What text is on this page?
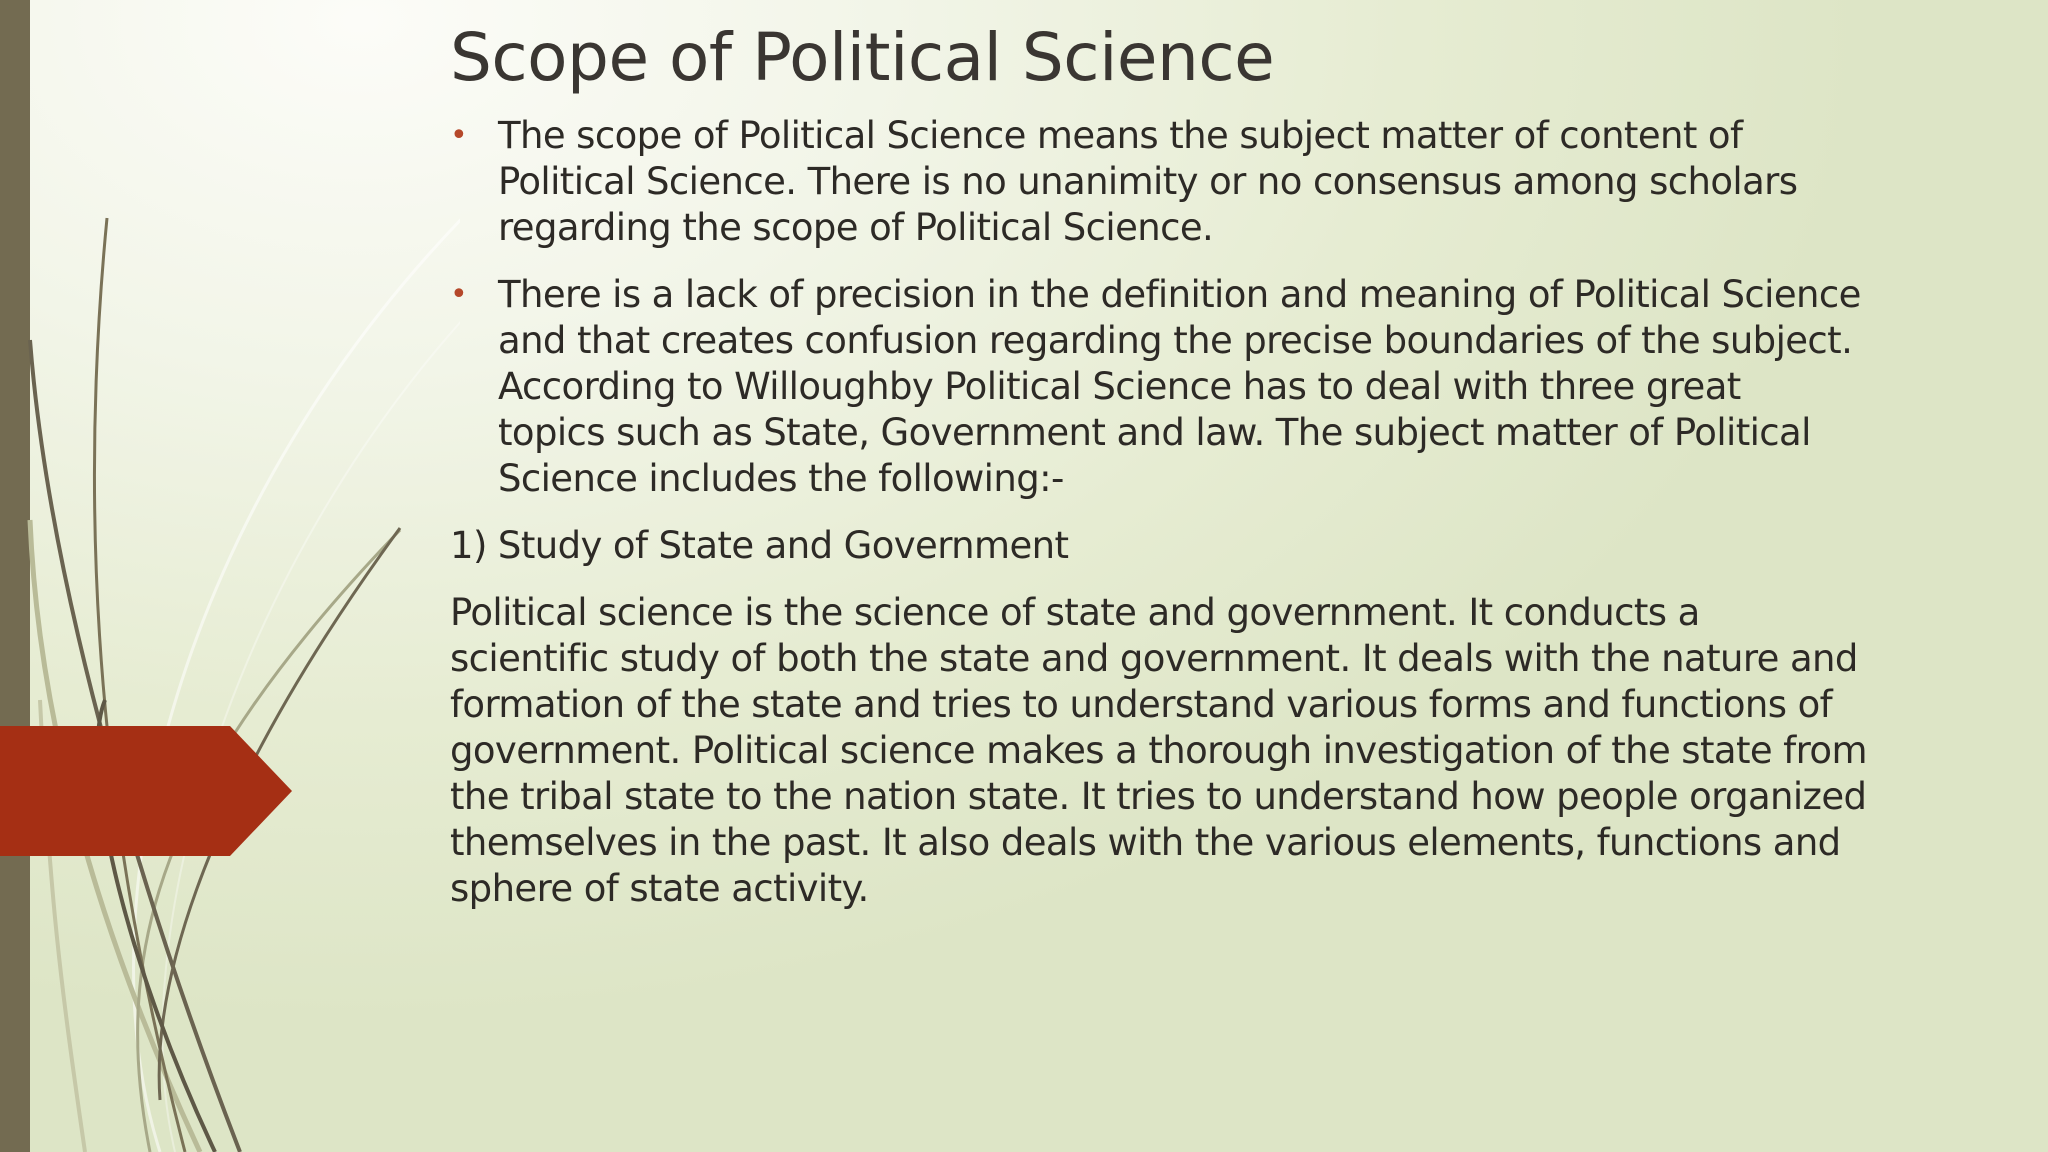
Scope of Political Science
• The scope of Political Science means the subject matter of content of
Political Science. There is no unanimity or no consensus among scholars
regarding the scope of Political Science.
• There is a lack of precision in the definition and meaning of Political Science
and that creates confusion regarding the precise boundaries of the subject.
According to Willoughby Political Science has to deal with three great
topics such as State, Government and law. The subject matter of Political
Science includes the following:-
1) Study of State and Government
Political science is the science of state and government. It conducts a
scientific study of both the state and government. It deals with the nature and
formation of the state and tries to understand various forms and functions of
government. Political science makes a thorough investigation of the state from
the tribal state to the nation state. It tries to understand how people organized
themselves in the past. It also deals with the various elements, functions and
sphere of state activity.
